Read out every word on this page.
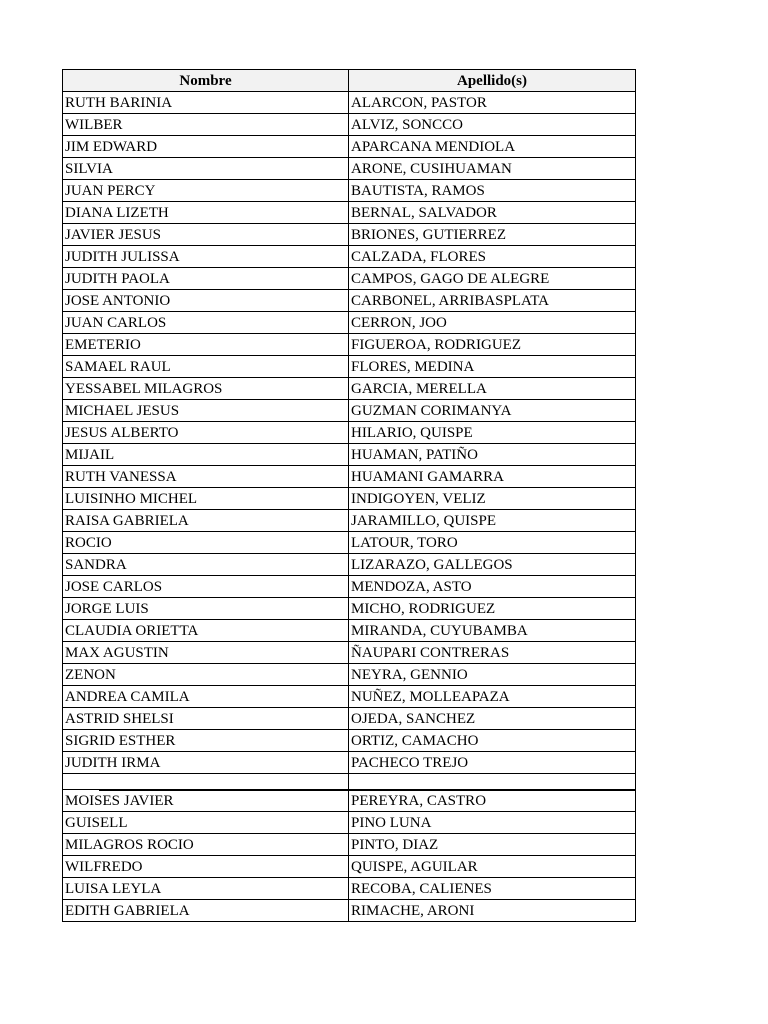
Nombre	Apellido(s)
RUTH BARINIA	ALARCON, PASTOR
WILBER	ALVIZ, SONCCO
JIM EDWARD	APARCANA MENDIOLA
SILVIA	ARONE, CUSIHUAMAN
JUAN PERCY	BAUTISTA, RAMOS
DIANA LIZETH	BERNAL, SALVADOR
JAVIER JESUS	BRIONES, GUTIERREZ
JUDITH JULISSA	CALZADA, FLORES
JUDITH PAOLA	CAMPOS, GAGO DE ALEGRE
JOSE ANTONIO	CARBONEL, ARRIBASPLATA
JUAN CARLOS	CERRON, JOO
EMETERIO	FIGUEROA, RODRIGUEZ
SAMAEL RAUL	FLORES, MEDINA
YESSABEL MILAGROS	GARCIA, MERELLA
MICHAEL JESUS	GUZMAN CORIMANYA
JESUS ALBERTO	HILARIO, QUISPE
MIJAIL	HUAMAN, PATIÑO
RUTH VANESSA	HUAMANI GAMARRA
LUISINHO MICHEL	INDIGOYEN, VELIZ
RAISA GABRIELA	JARAMILLO, QUISPE
ROCIO	LATOUR, TORO
SANDRA	LIZARAZO, GALLEGOS
JOSE CARLOS	MENDOZA, ASTO
JORGE LUIS	MICHO, RODRIGUEZ
CLAUDIA ORIETTA	MIRANDA, CUYUBAMBA
MAX AGUSTIN	ÑAUPARI CONTRERAS
ZENON	NEYRA, GENNIO
ANDREA CAMILA	NUÑEZ, MOLLEAPAZA
ASTRID SHELSI	OJEDA, SANCHEZ
SIGRID ESTHER	ORTIZ, CAMACHO
JUDITH IRMA	PACHECO TREJO

MOISES JAVIER	PEREYRA, CASTRO
GUISELL	PINO LUNA
MILAGROS ROCIO	PINTO, DIAZ
WILFREDO	QUISPE, AGUILAR
LUISA LEYLA	RECOBA, CALIENES
EDITH GABRIELA	RIMACHE, ARONI
